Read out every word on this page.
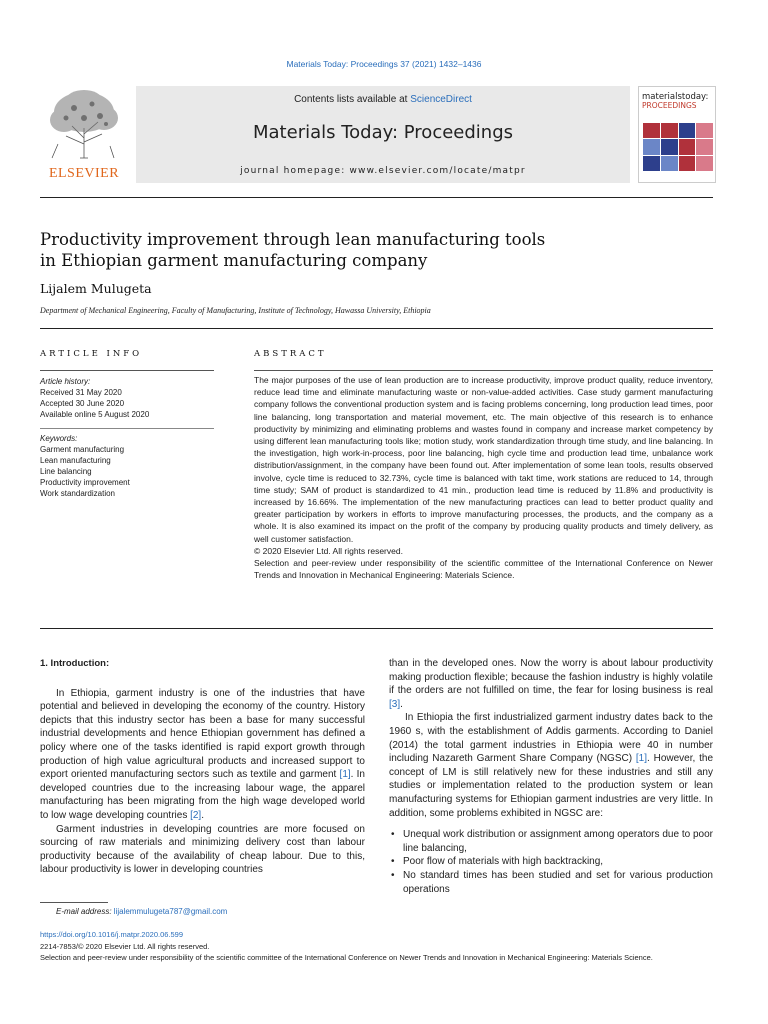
Materials Today: Proceedings 37 (2021) 1432–1436
ELSEVIER
Contents lists available at ScienceDirect
Materials Today: Proceedings
journal homepage: www.elsevier.com/locate/matpr
materialstoday:
PROCEEDINGS
Productivity improvement through lean manufacturing tools
in Ethiopian garment manufacturing company
Lijalem Mulugeta
Department of Mechanical Engineering, Faculty of Manufacturing, Institute of Technology, Hawassa University, Ethiopia
ARTICLE INFO	ABSTRACT
Article history:
Received 31 May 2020
Accepted 30 June 2020
Available online 5 August 2020
Keywords:
Garment manufacturing
Lean manufacturing
Line balancing
Productivity improvement
Work standardization

The major purposes of the use of lean production are to increase productivity, improve product quality, reduce inventory, reduce lead time and eliminate manufacturing waste or non-value-added activities. Case study garment manufacturing company follows the conventional production system and is facing problems concerning, long production lead times, poor line balancing, long transportation and material movement, etc. The main objective of this research is to enhance productivity by minimizing and eliminating problems and wastes found in company and increase market competency by using different lean manufacturing tools like; motion study, work standardization through time study, and line balancing. In the investigation, high work-in-process, poor line balancing, high cycle time and production lead time, unbalance work distribution/assignment, in the company have been found out. After implementation of some lean tools, results observed involve, cycle time is reduced to 32.73%, cycle time is balanced with takt time, work stations are reduced to 14, through time study; SAM of product is standardized to 41 min., production lead time is reduced by 11.8% and productivity is increased by 16.66%. The implementation of the new manufacturing practices can lead to better product quality and greater participation by workers in efforts to improve manufacturing processes, the products, and the company as a whole. It is also examined its impact on the profit of the company by producing quality products and timely delivery, as well customer satisfaction.

© 2020 Elsevier Ltd. All rights reserved.

Selection and peer-review under responsibility of the scientific committee of the International Conference on Newer Trends and Innovation in Mechanical Engineering: Materials Science.

1. Introduction:

In Ethiopia, garment industry is one of the industries that have potential and believed in developing the economy of the country. History depicts that this industry sector has been a base for many successful industrial developments and hence Ethiopian government has defined a policy where one of the tasks identified is rapid export growth through production of high value agricultural products and increased support to export oriented manufacturing sectors such as textile and garment [1]. In developed countries due to the increasing labour wage, the apparel manufacturing has been migrating from the high wage developed world to low wage developing countries [2].

Garment industries in developing countries are more focused on sourcing of raw materials and minimizing delivery cost than labour productivity because of the availability of cheap labour. Due to this, labour productivity is lower in developing countries

than in the developed ones. Now the worry is about labour productivity making production flexible; because the fashion industry is highly volatile if the orders are not fulfilled on time, the fear for losing business is real [3].

In Ethiopia the first industrialized garment industry dates back to the 1960 s, with the establishment of Addis garments. According to Daniel (2014) the total garment industries in Ethiopia were 40 in number including Nazareth Garment Share Company (NGSC) [1]. However, the concept of LM is still relatively new for these industries and still any studies or implementation related to the production system or lean manufacturing systems for Ethiopian garment industries are very little. In addition, some problems exhibited in NGSC are:

• Unequal work distribution or assignment among operators due to poor line balancing,
• Poor flow of materials with high backtracking,
• No standard times has been studied and set for various production operations
E-mail address: lijalemmulugeta787@gmail.com
https://doi.org/10.1016/j.matpr.2020.06.599
2214-7853/© 2020 Elsevier Ltd. All rights reserved.
Selection and peer-review under responsibility of the scientific committee of the International Conference on Newer Trends and Innovation in Mechanical Engineering: Materials Science.
